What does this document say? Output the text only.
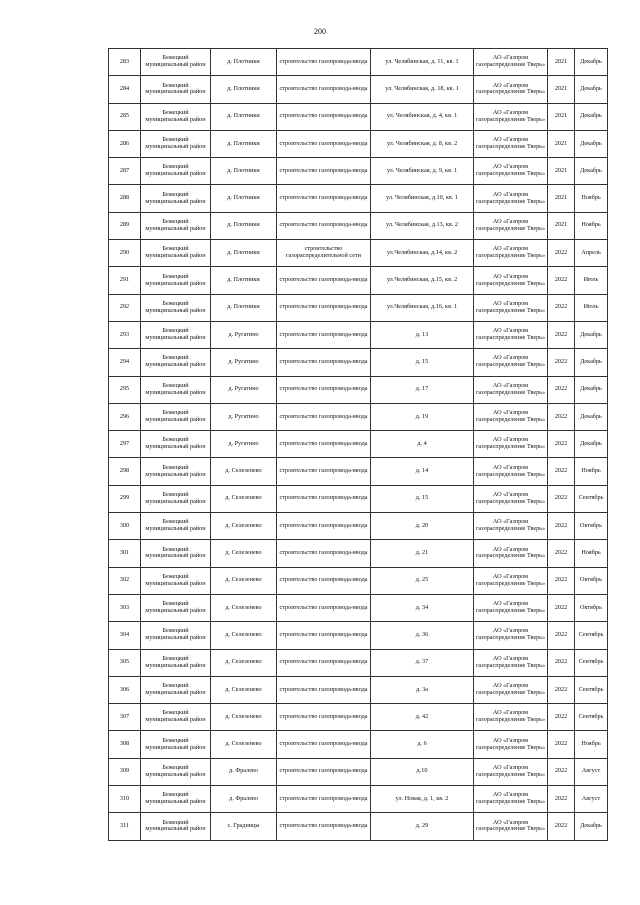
200
283	Бежецкий муниципальный район	д. Плотники	строительство газопровода-ввода	ул. Челябинская, д. 11, кв. 1	АО «Газпром газораспределение Тверь»	2021	Декабрь
284	Бежецкий муниципальный район	д. Плотники	строительство газопровода-ввода	ул. Челябинская, д. 18, кв. 1	АО «Газпром газораспределение Тверь»	2021	Декабрь
285	Бежецкий муниципальный район	д. Плотники	строительство газопровода-ввода	ул. Челябинская, д. 4, кв. 1	АО «Газпром газораспределение Тверь»	2021	Декабрь
286	Бежецкий муниципальный район	д. Плотники	строительство газопровода-ввода	ул. Челябинская, д. 8, кв. 2	АО «Газпром газораспределение Тверь»	2021	Декабрь
287	Бежецкий муниципальный район	д. Плотники	строительство газопровода-ввода	ул. Челябинская, д. 9, кв. 1	АО «Газпром газораспределение Тверь»	2021	Декабрь
288	Бежецкий муниципальный район	д. Плотники	строительство газопровода-ввода	ул. Челябинская, д.10, кв. 1	АО «Газпром газораспределение Тверь»	2021	Ноябрь
289	Бежецкий муниципальный район	д. Плотники	строительство газопровода-ввода	ул. Челябинская, д.13, кв. 2	АО «Газпром газораспределение Тверь»	2021	Ноябрь
290	Бежецкий муниципальный район	д. Плотники	строительство газораспределительной сети	ул.Челябинская, д.14, кв. 2	АО «Газпром газораспределение Тверь»	2022	Апрель
291	Бежецкий муниципальный район	д. Плотники	строительство газопровода-ввода	ул.Челябинская, д.15, кв. 2	АО «Газпром газораспределение Тверь»	2022	Июль
292	Бежецкий муниципальный район	д. Плотники	строительство газопровода-ввода	ул.Челябинская, д.16, кв. 1	АО «Газпром газораспределение Тверь»	2022	Июль
293	Бежецкий муниципальный район	д. Ругатино	строительство газопровода-ввода	д. 13	АО «Газпром газораспределение Тверь»	2022	Декабрь
294	Бежецкий муниципальный район	д. Ругатино	строительство газопровода-ввода	д. 15	АО «Газпром газораспределение Тверь»	2022	Декабрь
295	Бежецкий муниципальный район	д. Ругатино	строительство газопровода-ввода	д. 17	АО «Газпром газораспределение Тверь»	2022	Декабрь
296	Бежецкий муниципальный район	д. Ругатино	строительство газопровода-ввода	д. 19	АО «Газпром газораспределение Тверь»	2022	Декабрь
297	Бежецкий муниципальный район	д. Ругатино	строительство газопровода-ввода	д. 4	АО «Газпром газораспределение Тверь»	2022	Декабрь
298	Бежецкий муниципальный район	д. Селезенево	строительство газопровода-ввода	д. 14	АО «Газпром газораспределение Тверь»	2022	Ноябрь
299	Бежецкий муниципальный район	д. Селезенево	строительство газопровода-ввода	д. 15	АО «Газпром газораспределение Тверь»	2022	Сентябрь
300	Бежецкий муниципальный район	д. Селезенево	строительство газопровода-ввода	д. 20	АО «Газпром газораспределение Тверь»	2022	Октябрь
301	Бежецкий муниципальный район	д. Селезенево	строительство газопровода-ввода	д. 21	АО «Газпром газораспределение Тверь»	2022	Ноябрь
302	Бежецкий муниципальный район	д. Селезенево	строительство газопровода-ввода	д. 25	АО «Газпром газораспределение Тверь»	2022	Октябрь
303	Бежецкий муниципальный район	д. Селезенево	строительство газопровода-ввода	д. 34	АО «Газпром газораспределение Тверь»	2022	Октябрь
304	Бежецкий муниципальный район	д. Селезенево	строительство газопровода-ввода	д. 36	АО «Газпром газораспределение Тверь»	2022	Сентябрь
305	Бежецкий муниципальный район	д. Селезенево	строительство газопровода-ввода	д. 37	АО «Газпром газораспределение Тверь»	2022	Сентябрь
306	Бежецкий муниципальный район	д. Селезенево	строительство газопровода-ввода	д. 3а	АО «Газпром газораспределение Тверь»	2022	Сентябрь
307	Бежецкий муниципальный район	д. Селезенево	строительство газопровода-ввода	д. 42	АО «Газпром газораспределение Тверь»	2022	Сентябрь
308	Бежецкий муниципальный район	д. Селезенево	строительство газопровода-ввода	д. 6	АО «Газпром газораспределение Тверь»	2022	Ноябрь
309	Бежецкий муниципальный район	д. Фралево	строительство газопровода-ввода	д.10	АО «Газпром газораспределение Тверь»	2022	Август
310	Бежецкий муниципальный район	д. Фралево	строительство газопровода-ввода	ул. Новая, д. 1, кв. 2	АО «Газпром газораспределение Тверь»	2022	Август
311	Бежецкий муниципальный район	с. Градницы	строительство газопровода-ввода	д. 29	АО «Газпром газораспределение Тверь»	2022	Декабрь
